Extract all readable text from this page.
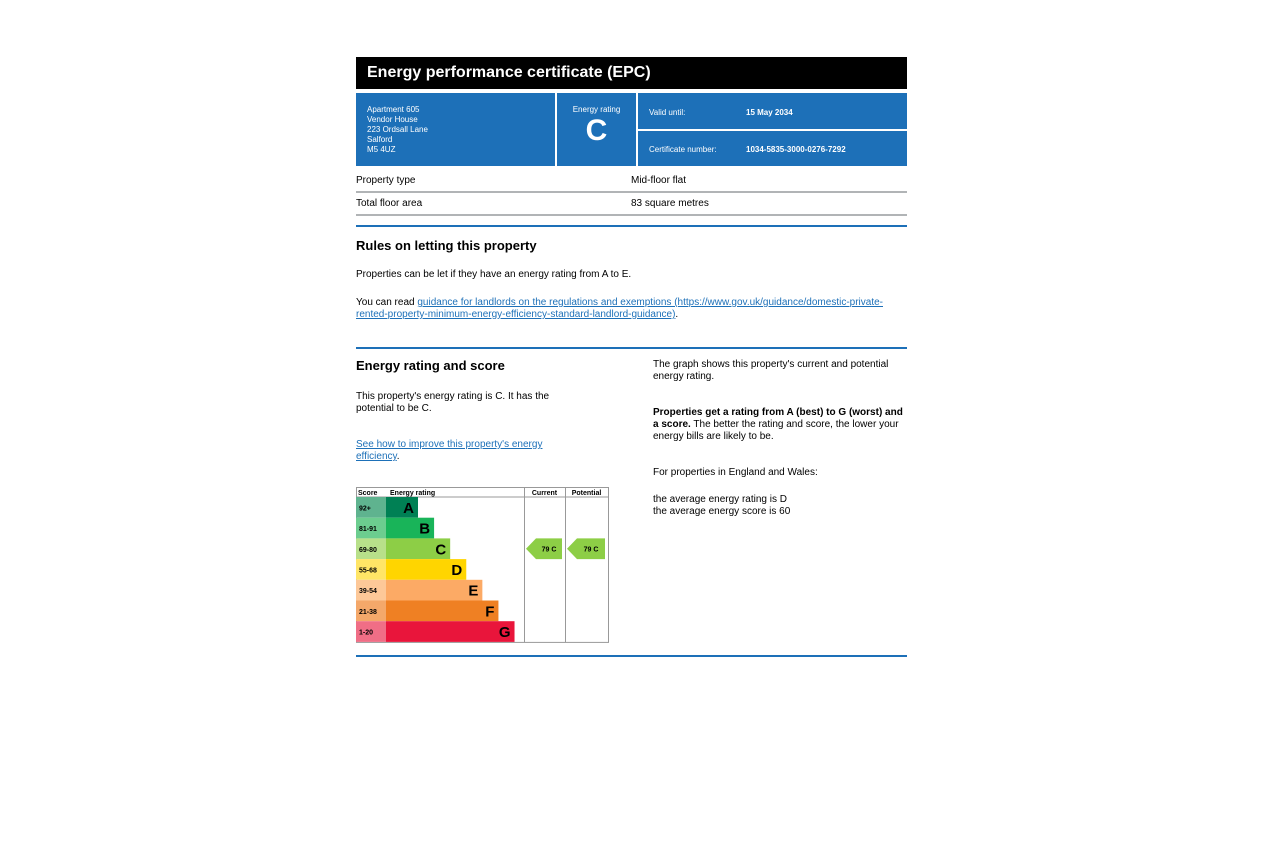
Energy performance certificate (EPC)
Apartment 605
Vendor House
223 Ordsall Lane
Salford
M5 4UZ
Energy rating
C
Valid until:	15 May 2034
Certificate number:	1034-5835-3000-0276-7292
Property type	Mid-floor flat
Total floor area	83 square metres
Rules on letting this property

Properties can be let if they have an energy rating from A to E.

You can read guidance for landlords on the regulations and exemptions (https://www.gov.uk/guidance/domestic-private-rented-property-minimum-energy-efficiency-standard-landlord-guidance).

Energy rating and score

This property's energy rating is C. It has the potential to be C.

See how to improve this property's energy efficiency.

Score Energy rating	Current Potential
92+ A
81-91	B
69-80	C
55-68	D
39-54	E
21-38	F
1-20	G
79 C	79 C

The graph shows this property's current and potential energy rating.

Properties get a rating from A (best) to G (worst) and a score. The better the rating and score, the lower your energy bills are likely to be.

For properties in England and Wales:

the average energy rating is D

the average energy score is 60
